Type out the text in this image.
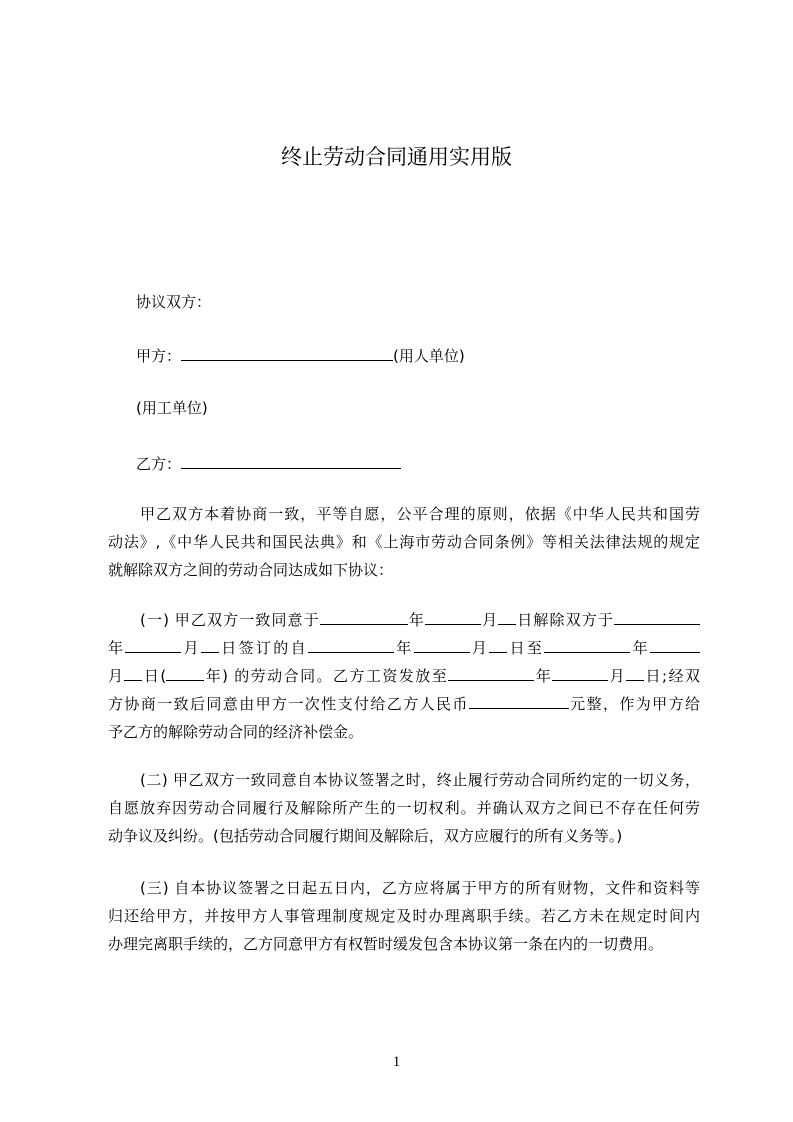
终止劳动合同通用实用版
协议双方：
甲方：	(用人单位)
(用工单位)
乙方：
甲乙双方本着协商一致，平等自愿，公平合理的原则，依据《中华人民共和国劳
动法》,《中华人民共和国民法典》和《上海市劳动合同条例》等相关法律法规的规定
就解除双方之间的劳动合同达成如下协议：
(一) 甲乙双方一致同意于	年	月 日解除双方于
年	月 日签订的自	年	月 日至	年
月 日(	年) 的劳动合同。乙方工资发放至	年	月 日;经双
方协商一致后同意由甲方一次性支付给乙方人民币	元整，作为甲方给
予乙方的解除劳动合同的经济补偿金。
(二) 甲乙双方一致同意自本协议签署之时，终止履行劳动合同所约定的一切义务，
自愿放弃因劳动合同履行及解除所产生的一切权利。并确认双方之间已不存在任何劳
动争议及纠纷。(包括劳动合同履行期间及解除后，双方应履行的所有义务等。)
(三) 自本协议签署之日起五日内，乙方应将属于甲方的所有财物，文件和资料等
归还给甲方，并按甲方人事管理制度规定及时办理离职手续。若乙方未在规定时间内
办理完离职手续的，乙方同意甲方有权暂时缓发包含本协议第一条在内的一切费用。
1
